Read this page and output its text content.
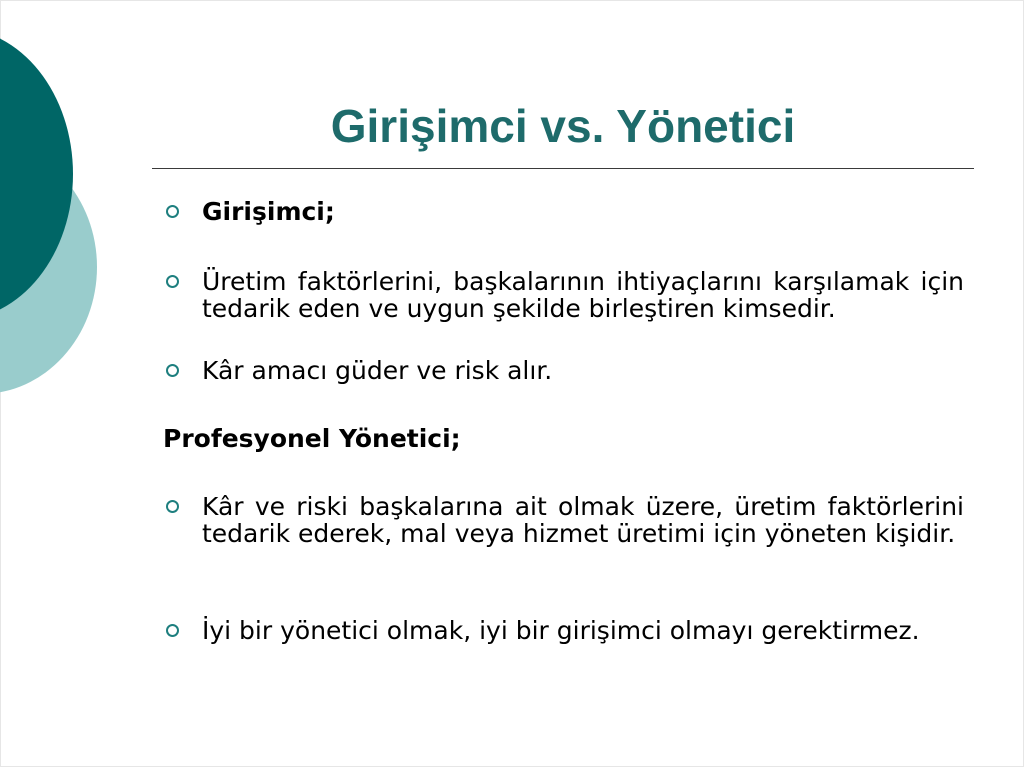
Girişimci vs. Yönetici
Girişimci;
Üretim faktörlerini, başkalarının ihtiyaçlarını karşılamak için tedarik eden ve uygun şekilde birleştiren kimsedir.
Kâr amacı güder ve risk alır.
Profesyonel Yönetici;
Kâr ve riski başkalarına ait olmak üzere, üretim faktörlerini tedarik ederek, mal veya hizmet üretimi için yöneten kişidir.
İyi bir yönetici olmak, iyi bir girişimci olmayı gerektirmez.
